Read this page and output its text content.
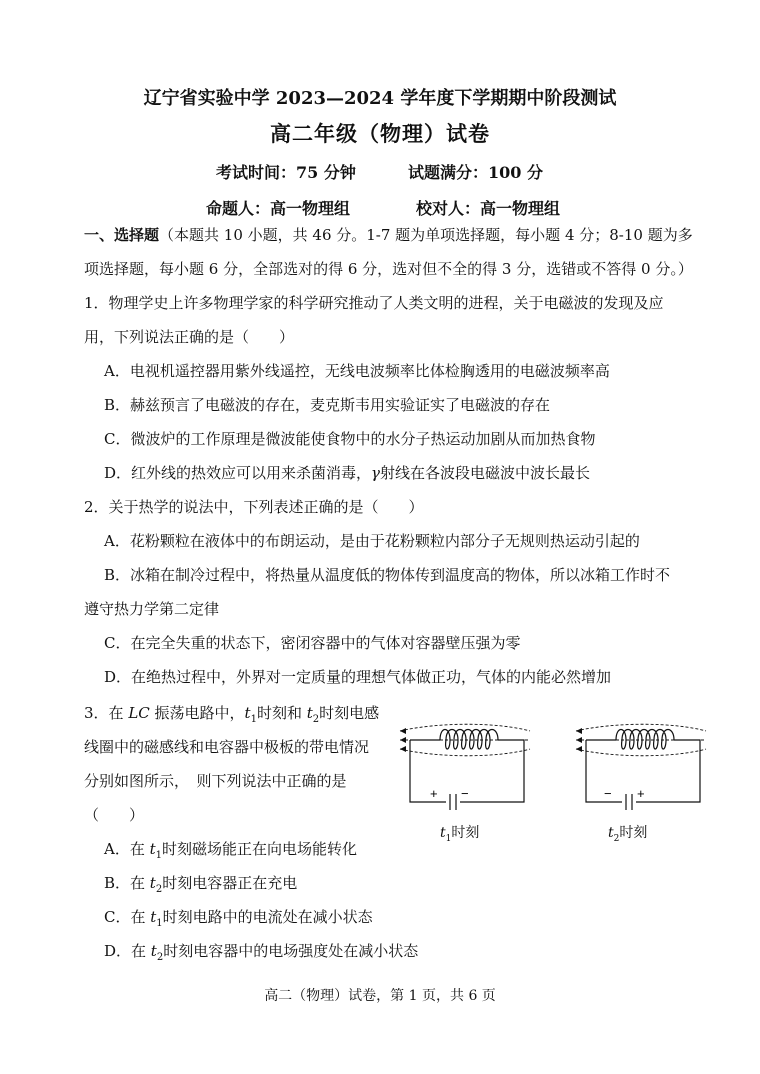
辽宁省实验中学 2023—2024 学年度下学期期中阶段测试
高二年级（物理）试卷
考试时间：75 分钟	试题满分：100 分
命题人：高一物理组	校对人：高一物理组
一、选择题（本题共 10 小题，共 46 分。1-7 题为单项选择题，每小题 4 分；8-10 题为多
项选择题，每小题 6 分，全部选对的得 6 分，选对但不全的得 3 分，选错或不答得 0 分。）
1．物理学史上许多物理学家的科学研究推动了人类文明的进程，关于电磁波的发现及应
用，下列说法正确的是（　　）
A．电视机遥控器用紫外线遥控，无线电波频率比体检胸透用的电磁波频率高
B．赫兹预言了电磁波的存在，麦克斯韦用实验证实了电磁波的存在
C．微波炉的工作原理是微波能使食物中的水分子热运动加剧从而加热食物
D．红外线的热效应可以用来杀菌消毒，γ射线在各波段电磁波中波长最长
2．关于热学的说法中，下列表述正确的是（　　）
A．花粉颗粒在液体中的布朗运动，是由于花粉颗粒内部分子无规则热运动引起的
B．冰箱在制冷过程中，将热量从温度低的物体传到温度高的物体，所以冰箱工作时不
遵守热力学第二定律
C．在完全失重的状态下，密闭容器中的气体对容器壁压强为零
D．在绝热过程中，外界对一定质量的理想气体做正功，气体的内能必然增加
3．在 LC 振荡电路中，$t_1$时刻和 $t_2$时刻电感
线圈中的磁感线和电容器中极板的带电情况
分别如图所示，　则下列说法中正确的是
（　　）
A．在 $t_1$时刻磁场能正在向电场能转化
B．在 $t_2$时刻电容器正在充电
C．在 $t_1$时刻电路中的电流处在减小状态
D．在 $t_2$时刻电容器中的电场强度处在减小状态
+ −
$t_1$时刻
− +
$t_2$时刻
高二（物理）试卷，第 1 页，共 6 页
